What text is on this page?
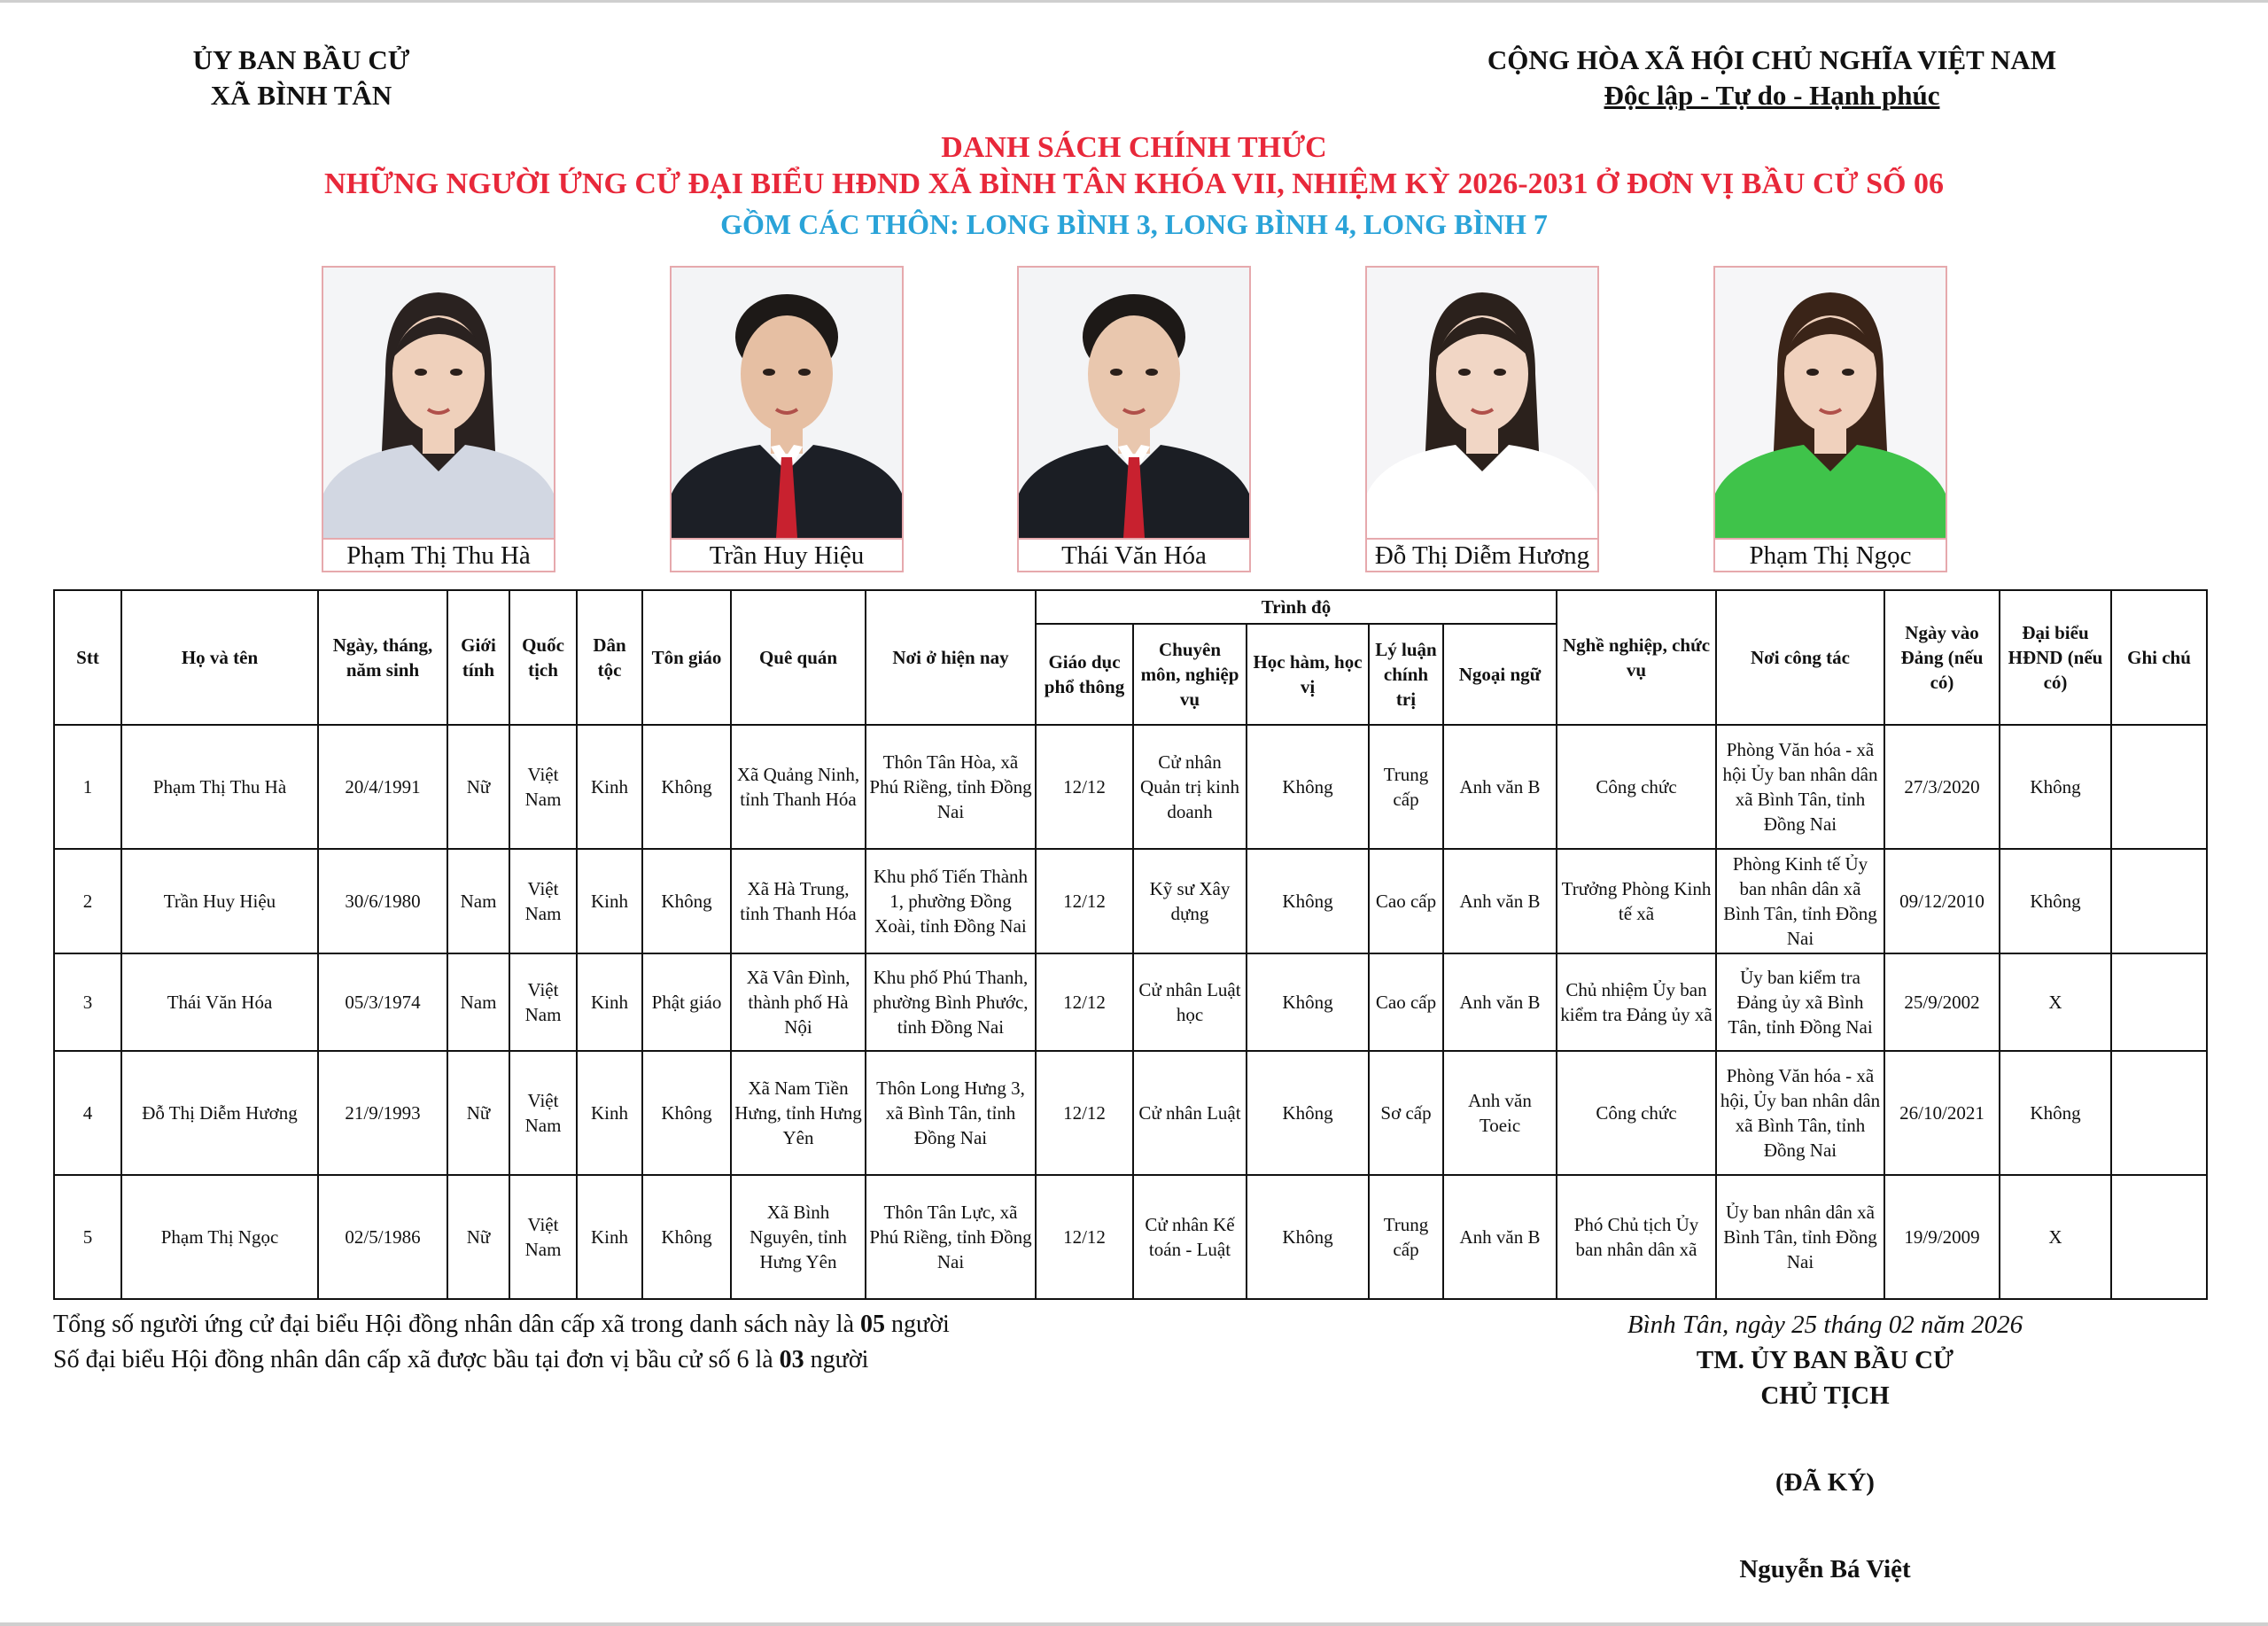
ỦY BAN BẦU CỬ
XÃ BÌNH TÂN
CỘNG HÒA XÃ HỘI CHỦ NGHĨA VIỆT NAM
Độc lập - Tự do - Hạnh phúc
DANH SÁCH CHÍNH THỨC
NHỮNG NGƯỜI ỨNG CỬ ĐẠI BIỂU HĐND XÃ BÌNH TÂN KHÓA VII, NHIỆM KỲ 2026-2031 Ở ĐƠN VỊ BẦU CỬ SỐ 06
GỒM CÁC THÔN: LONG BÌNH 3, LONG BÌNH 4, LONG BÌNH 7
Phạm Thị Thu Hà	Trần Huy Hiệu	Thái Văn Hóa	Đỗ Thị Diễm Hương	Phạm Thị Ngọc
Stt	Họ và tên	Ngày, tháng, năm sinh	Giới tính	Quốc tịch	Dân tộc	Tôn giáo	Quê quán	Nơi ở hiện nay	Trình độ					Nghề nghiệp, chức vụ	Nơi công tác	Ngày vào Đảng (nếu có)	Đại biểu HĐND (nếu có)	Ghi chú
									Giáo dục phổ thông	Chuyên môn, nghiệp vụ	Học hàm, học vị	Lý luận chính trị	Ngoại ngữ					
1	Phạm Thị Thu Hà	20/4/1991	Nữ	Việt Nam	Kinh	Không	Xã Quảng Ninh, tỉnh Thanh Hóa	Thôn Tân Hòa, xã Phú Riềng, tỉnh Đồng Nai	12/12	Cử nhân Quản trị kinh doanh	Không	Trung cấp	Anh văn B	Công chức	Phòng Văn hóa - xã hội Ủy ban nhân dân xã Bình Tân, tỉnh Đồng Nai	27/3/2020	Không	
2	Trần Huy Hiệu	30/6/1980	Nam	Việt Nam	Kinh	Không	Xã Hà Trung, tỉnh Thanh Hóa	Khu phố Tiến Thành 1, phường Đồng Xoài, tỉnh Đồng Nai	12/12	Kỹ sư Xây dựng	Không	Cao cấp	Anh văn B	Trưởng Phòng Kinh tế xã	Phòng Kinh tế Ủy ban nhân dân xã Bình Tân, tỉnh Đồng Nai	09/12/2010	Không	
3	Thái Văn Hóa	05/3/1974	Nam	Việt Nam	Kinh	Phật giáo	Xã Vân Đình, thành phố Hà Nội	Khu phố Phú Thanh, phường Bình Phước, tỉnh Đồng Nai	12/12	Cử nhân Luật học	Không	Cao cấp	Anh văn B	Chủ nhiệm Ủy ban kiểm tra Đảng ủy xã	Ủy ban kiểm tra Đảng ủy xã Bình Tân, tỉnh Đồng Nai	25/9/2002	X	
4	Đỗ Thị Diễm Hương	21/9/1993	Nữ	Việt Nam	Kinh	Không	Xã Nam Tiền Hưng, tỉnh Hưng Yên	Thôn Long Hưng 3, xã Bình Tân, tỉnh Đồng Nai	12/12	Cử nhân Luật	Không	Sơ cấp	Anh văn Toeic	Công chức	Phòng Văn hóa - xã hội, Ủy ban nhân dân xã Bình Tân, tỉnh Đồng Nai	26/10/2021	Không	
5	Phạm Thị Ngọc	02/5/1986	Nữ	Việt Nam	Kinh	Không	Xã Bình Nguyên, tỉnh Hưng Yên	Thôn Tân Lực, xã Phú Riềng, tỉnh Đồng Nai	12/12	Cử nhân Kế toán - Luật	Không	Trung cấp	Anh văn B	Phó Chủ tịch Ủy ban nhân dân xã	Ủy ban nhân dân xã Bình Tân, tỉnh Đồng Nai	19/9/2009	X	
Tổng số người ứng cử đại biểu Hội đồng nhân dân cấp xã trong danh sách này là 05 người
Số đại biểu Hội đồng nhân dân cấp xã được bầu tại đơn vị bầu cử số 6 là 03 người
Bình Tân, ngày 25 tháng 02 năm 2026
TM. ỦY BAN BẦU CỬ
CHỦ TỊCH
(ĐÃ KÝ)
Nguyễn Bá Việt
